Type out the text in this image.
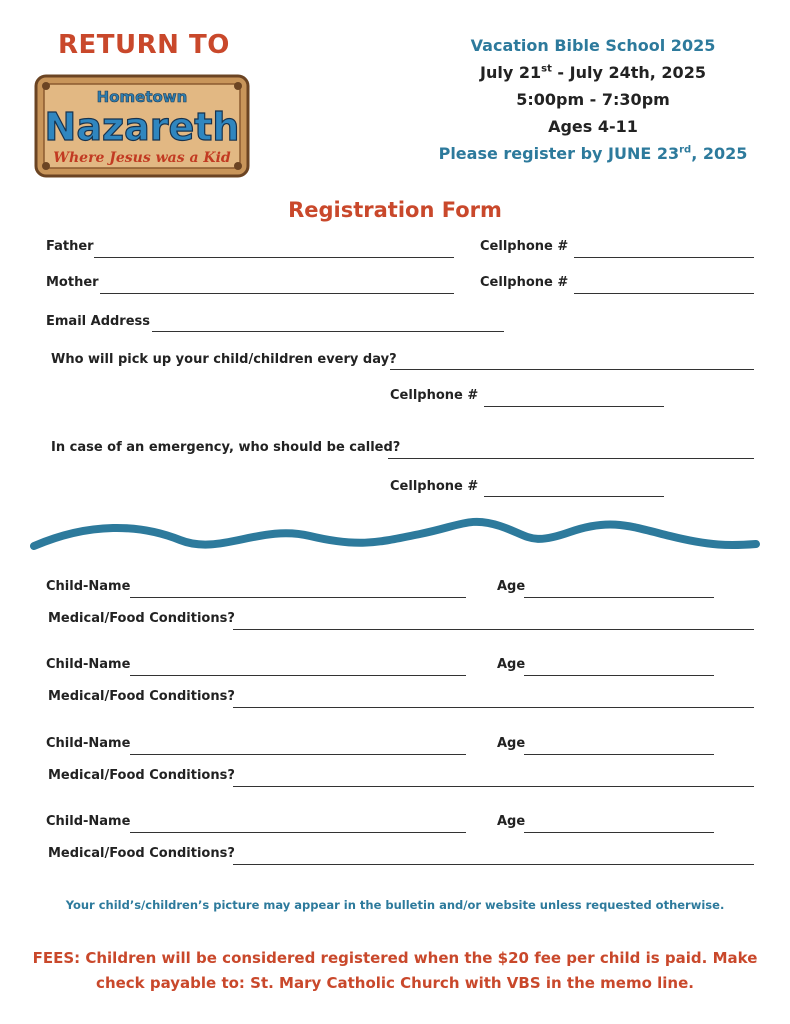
RETURN TO
Hometown
Nazareth
Where Jesus was a Kid
Vacation Bible School 2025
July 21st - July 24th, 2025
5:00pm - 7:30pm
Ages 4-11
Please register by JUNE 23rd, 2025
Registration Form
Father	Cellphone #
Mother	Cellphone #
Email Address
Who will pick up your child/children every day?
Cellphone #
In case of an emergency, who should be called?
Cellphone #
Child-Name	Age
Medical/Food Conditions?
Child-Name	Age
Medical/Food Conditions?
Child-Name	Age
Medical/Food Conditions?
Child-Name	Age
Medical/Food Conditions?
Your child’s/children’s picture may appear in the bulletin and/or website unless requested otherwise.
FEES: Children will be considered registered when the $20 fee per child is paid. Make check payable to: St. Mary Catholic Church with VBS in the memo line.
